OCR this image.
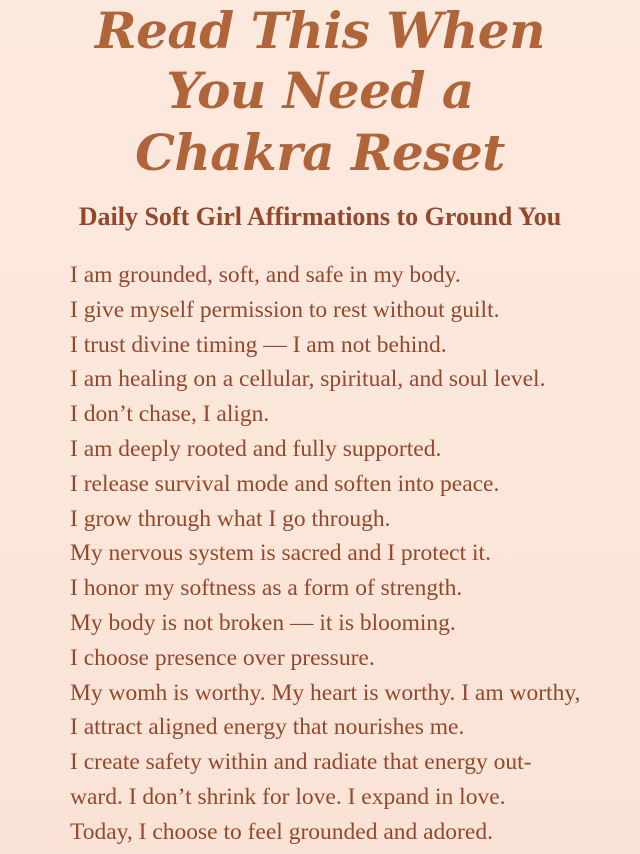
Read This When
You Need a
Chakra Reset
Daily Soft Girl Affirmations to Ground You
I am grounded, soft, and safe in my body.
I give myself permission to rest without guilt.
I trust divine timing — I am not behind.
I am healing on a cellular, spiritual, and soul level.
I don’t chase, I align.
I am deeply rooted and fully supported.
I release survival mode and soften into peace.
I grow through what I go through.
My nervous system is sacred and I protect it.
I honor my softness as a form of strength.
My body is not broken — it is blooming.
I choose presence over pressure.
My womh is worthy. My heart is worthy. I am worthy,
I attract aligned energy that nourishes me.
I create safety within and radiate that energy out-
ward. I don’t shrink for love. I expand in love.
Today, I choose to feel grounded and adored.
